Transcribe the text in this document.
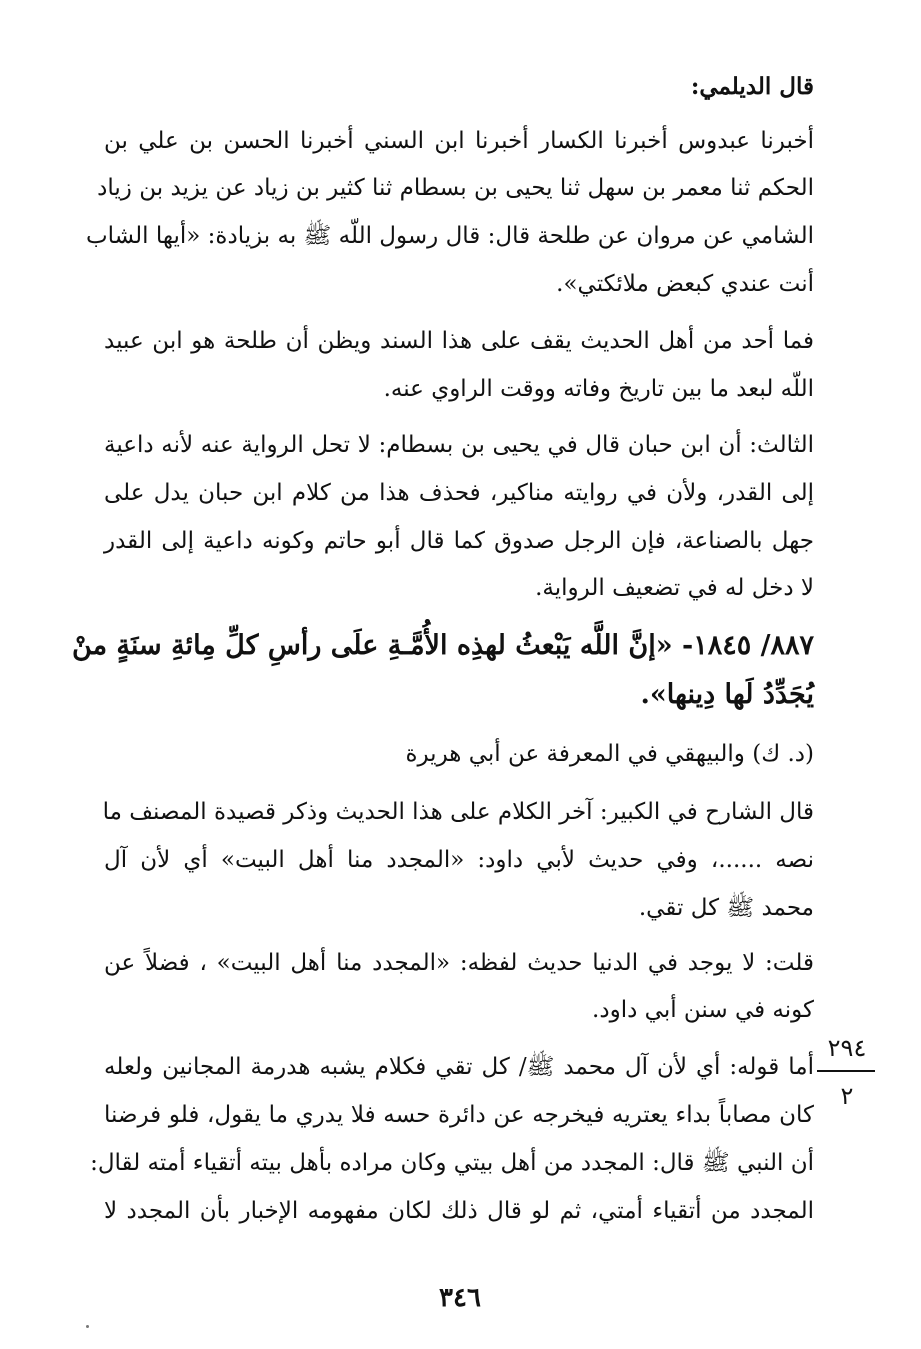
قال الديلمي:
أخبرنا عبدوس أخبرنا الكسار أخبرنا ابن السني أخبرنا الحسن بن علي بن
الحكم ثنا معمر بن سهل ثنا يحيى بن بسطام ثنا كثير بن زياد عن يزيد بن زياد
الشامي عن مروان عن طلحة قال: قال رسول اللّه ﷺ به بزيادة: «أيها الشاب
أنت عندي كبعض ملائكتي».
فما أحد من أهل الحديث يقف على هذا السند ويظن أن طلحة هو ابن عبيد
اللّه لبعد ما بين تاريخ وفاته ووقت الراوي عنه.
الثالث: أن ابن حبان قال في يحيى بن بسطام: لا تحل الرواية عنه لأنه داعية
إلى القدر، ولأن في روايته مناكير، فحذف هذا من كلام ابن حبان يدل على
جهل بالصناعة، فإن الرجل صدوق كما قال أبو حاتم وكونه داعية إلى القدر
لا دخل له في تضعيف الرواية.
٨٨٧/ ١٨٤٥- «إنَّ اللَّه يَبْعثُ لهذِه الأُمَّـةِ علَى رأسِ كلِّ مِائةِ سنَةٍ منْ
يُجَدِّدُ لَها دِينها».
(د. ك) والبيهقي في المعرفة عن أبي هريرة
قال الشارح في الكبير: آخر الكلام على هذا الحديث وذكر قصيدة المصنف ما
نصه ......، وفي حديث لأبي داود: «المجدد منا أهل البيت» أي لأن آل
محمد ﷺ كل تقي.
قلت: لا يوجد في الدنيا حديث لفظه: «المجدد منا أهل البيت» ، فضلاً عن
كونه في سنن أبي داود.
أما قوله: أي لأن آل محمد ﷺ/ كل تقي فكلام يشبه هدرمة المجانين ولعله
كان مصاباً بداء يعتريه فيخرجه عن دائرة حسه فلا يدري ما يقول، فلو فرضنا
أن النبي ﷺ قال: المجدد من أهل بيتي وكان مراده بأهل بيته أتقياء أمته لقال:
المجدد من أتقياء أمتي، ثم لو قال ذلك لكان مفهومه الإخبار بأن المجدد لا
٢٩٤
٢
٣٤٦
